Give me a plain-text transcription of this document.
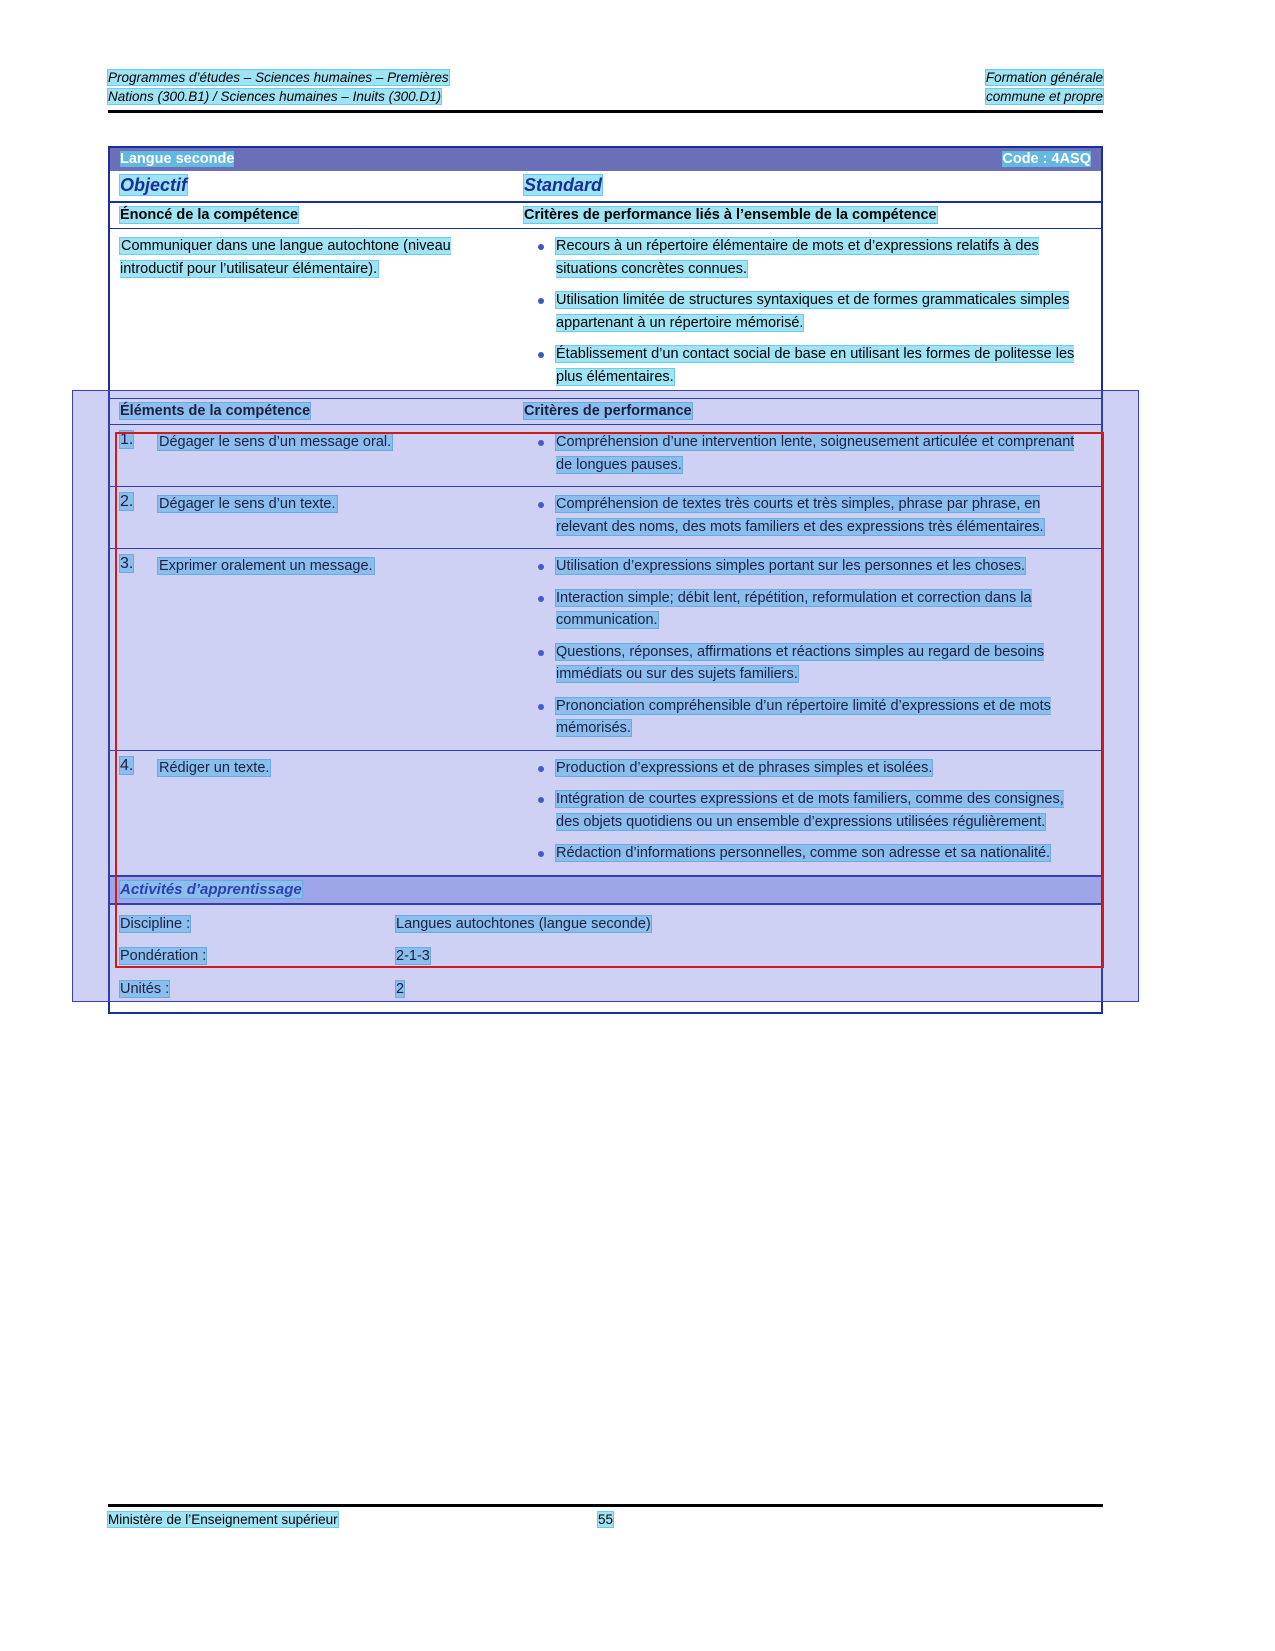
Programmes d’études – Sciences humaines – Premières	Formation générale
Nations (300.B1) / Sciences humaines – Inuits (300.D1)	commune et propre
Langue seconde	Code : 4ASQ
Objectif	Standard
Énoncé de la compétence	Critères de performance liés à l’ensemble de la compétence
Communiquer dans une langue autochtone (niveau introductif pour l’utilisateur élémentaire).
Recours à un répertoire élémentaire de mots et d’expressions relatifs à des situations concrètes connues.
Utilisation limitée de structures syntaxiques et de formes grammaticales simples appartenant à un répertoire mémorisé.
Établissement d’un contact social de base en utilisant les formes de politesse les plus élémentaires.
Éléments de la compétence	Critères de performance
1.	Dégager le sens d’un message oral.	Compréhension d’une intervention lente, soigneusement articulée et comprenant de longues pauses.
2.	Dégager le sens d’un texte.	Compréhension de textes très courts et très simples, phrase par phrase, en relevant des noms, des mots familiers et des expressions très élémentaires.
3.	Exprimer oralement un message.	Utilisation d’expressions simples portant sur les personnes et les choses.
Interaction simple; débit lent, répétition, reformulation et correction dans la communication.
Questions, réponses, affirmations et réactions simples au regard de besoins immédiats ou sur des sujets familiers.
Prononciation compréhensible d’un répertoire limité d’expressions et de mots mémorisés.
4.	Rédiger un texte.	Production d’expressions et de phrases simples et isolées.
Intégration de courtes expressions et de mots familiers, comme des consignes, des objets quotidiens ou un ensemble d’expressions utilisées régulièrement.
Rédaction d’informations personnelles, comme son adresse et sa nationalité.
Activités d’apprentissage
Discipline :	Langues autochtones (langue seconde)
Pondération :	2-1-3
Unités :	2
Ministère de l’Enseignement supérieur	55
